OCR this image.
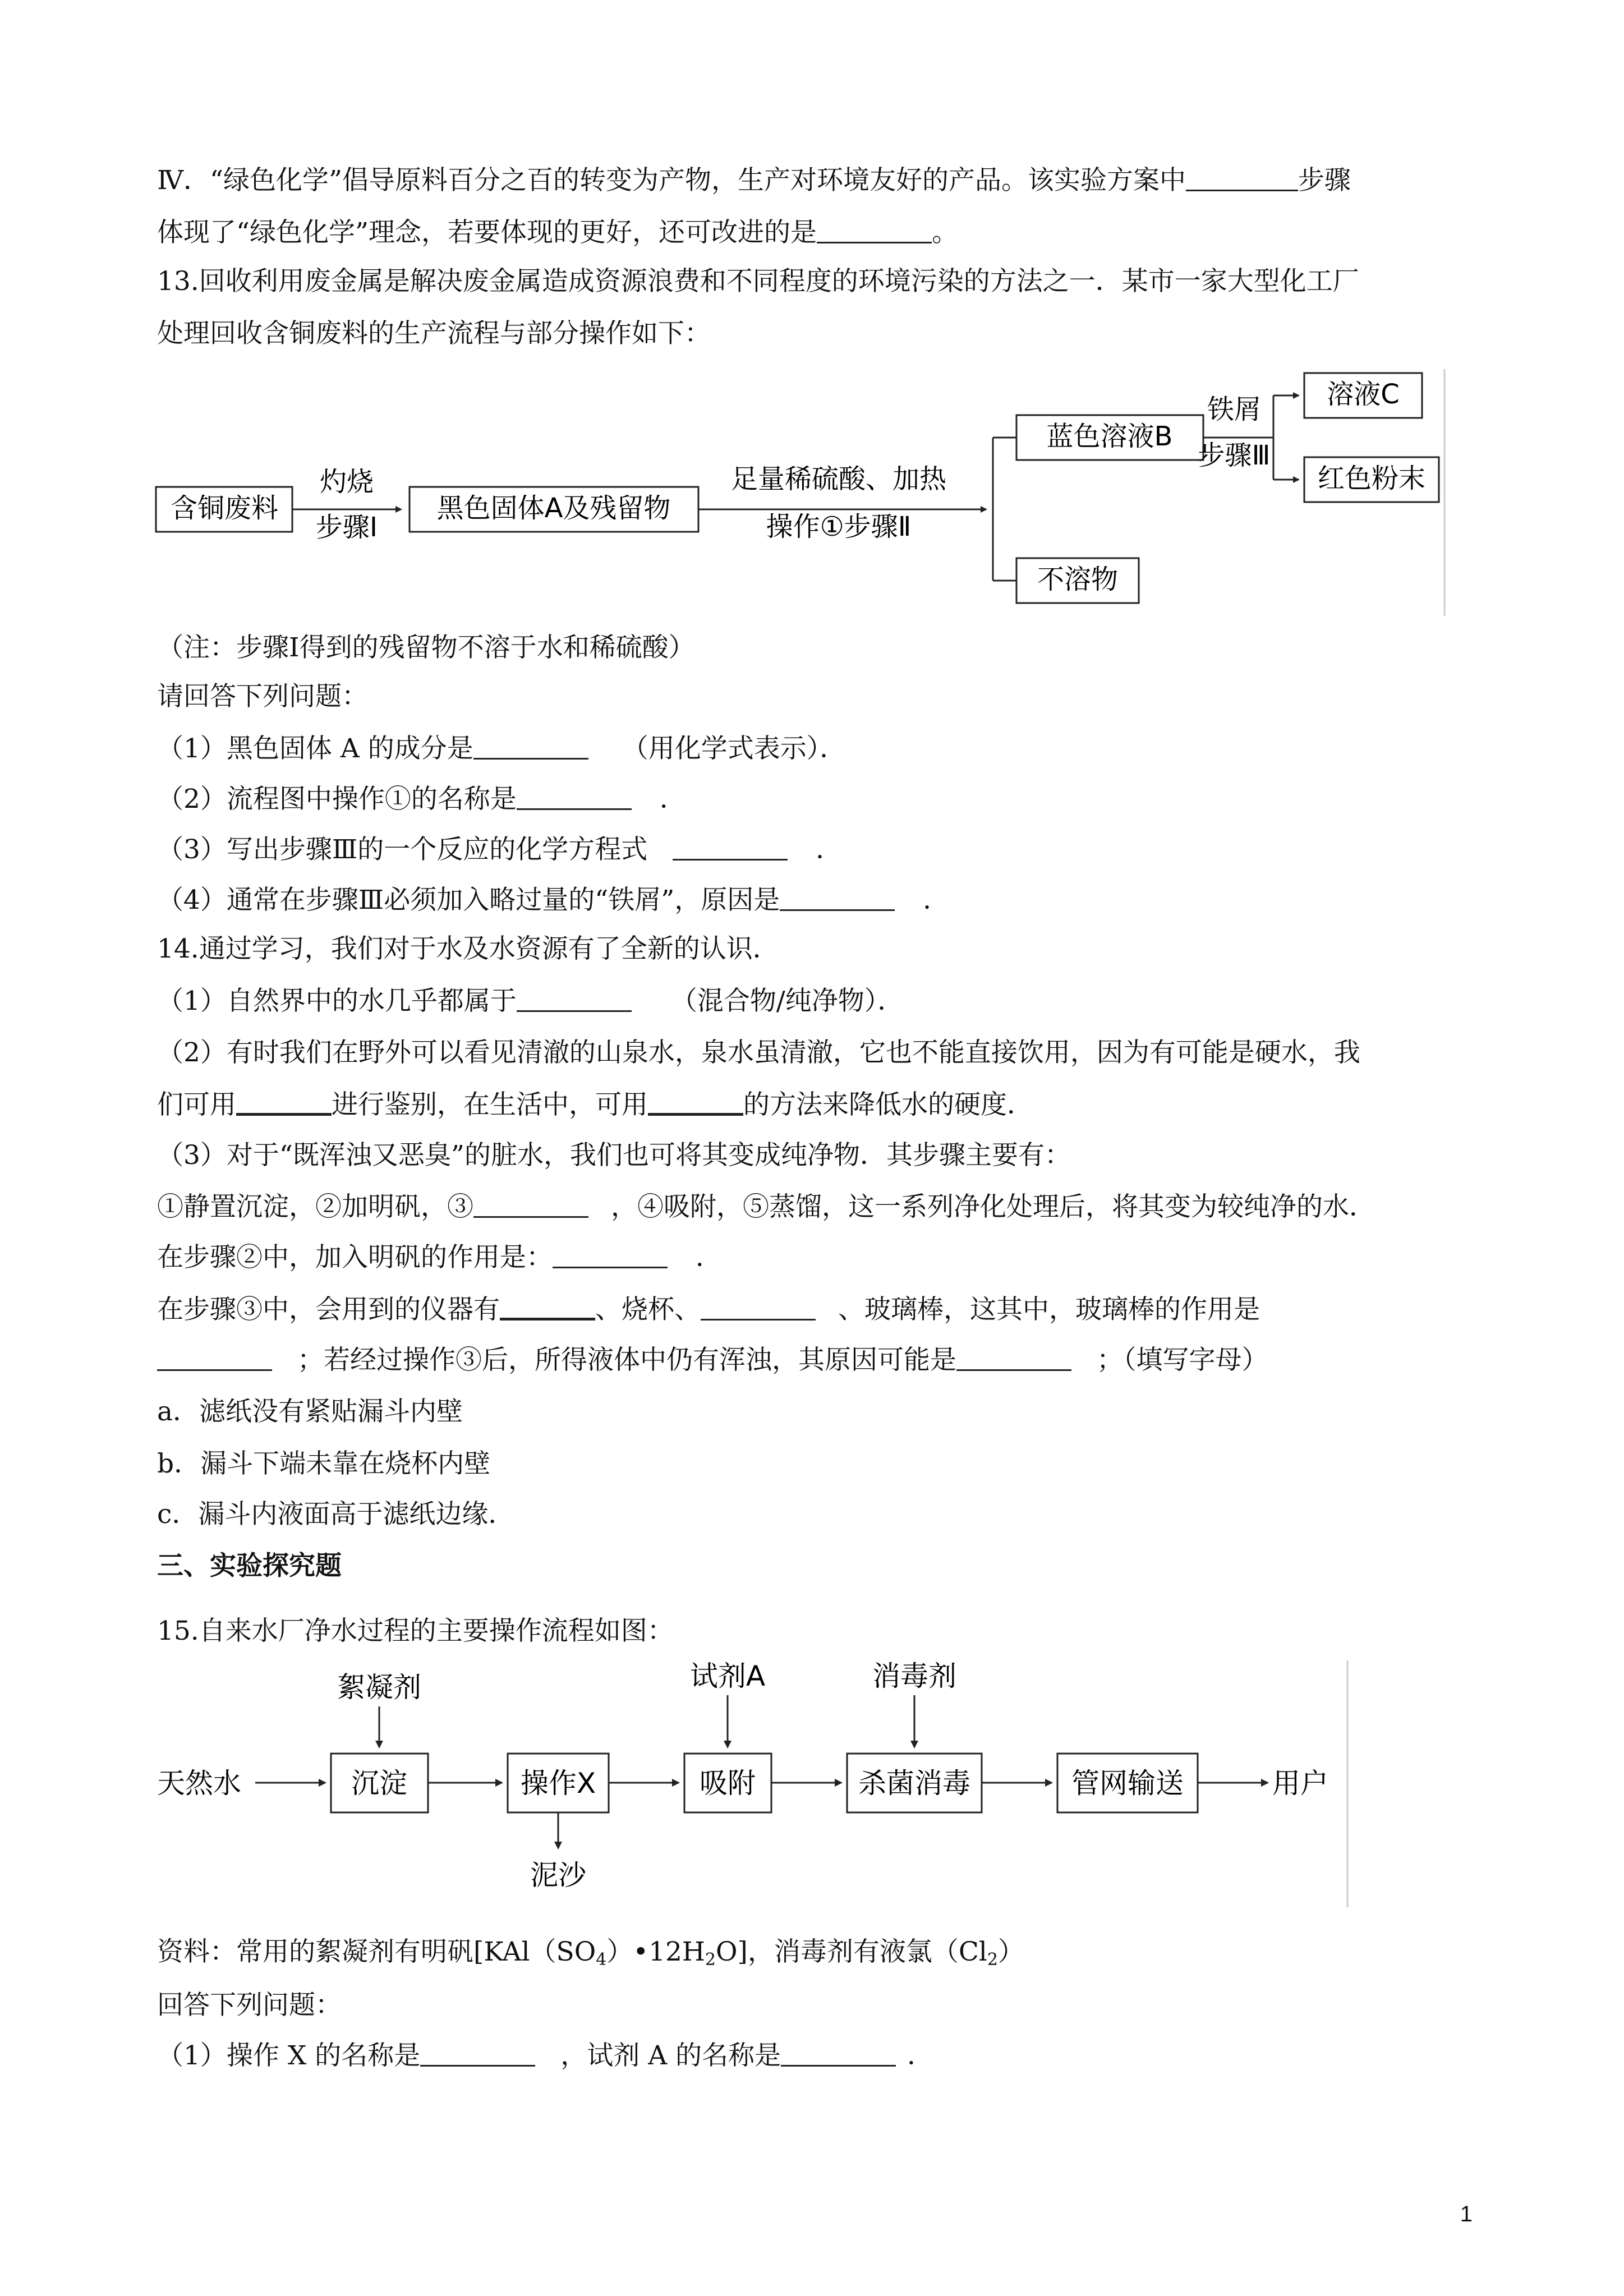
Ⅳ．“绿色化学”倡导原料百分之百的转变为产物，生产对环境友好的产品。该实验方案中	步骤
体现了“绿色化学”理念，若要体现的更好，还可改进的是	。
13.回收利用废金属是解决废金属造成资源浪费和不同程度的环境污染的方法之一．某市一家大型化工厂
处理回收含铜废料的生产流程与部分操作如下：
含铜废料
灼烧
步骤Ⅰ
黑色固体A及残留物
足量稀硫酸、加热
操作①步骤Ⅱ
蓝色溶液B
不溶物
铁屑
步骤Ⅲ
溶液C
红色粉末
（注：步骤Ⅰ得到的残留物不溶于水和稀硫酸）
请回答下列问题：
（1）黑色固体 A 的成分是	（用化学式表示）．
（2）流程图中操作①的名称是	．
（3）写出步骤Ⅲ的一个反应的化学方程式	．
（4）通常在步骤Ⅲ必须加入略过量的“铁屑”，原因是	．
14.通过学习，我们对于水及水资源有了全新的认识．
（1）自然界中的水几乎都属于	（混合物/纯净物）．
（2）有时我们在野外可以看见清澈的山泉水，泉水虽清澈，它也不能直接饮用，因为有可能是硬水，我
们可用	进行鉴别，在生活中，可用	的方法来降低水的硬度．
（3）对于“既浑浊又恶臭”的脏水，我们也可将其变成纯净物．其步骤主要有：
①静置沉淀，②加明矾，③	，④吸附，⑤蒸馏，这一系列净化处理后，将其变为较纯净的水．
在步骤②中，加入明矾的作用是：	．
在步骤③中，会用到的仪器有	、烧杯、	、玻璃棒，这其中，玻璃棒的作用是
；若经过操作③后，所得液体中仍有浑浊，其原因可能是	；（填写字母）
a．滤纸没有紧贴漏斗内壁
b．漏斗下端未靠在烧杯内壁
c．漏斗内液面高于滤纸边缘．
三、实验探究题
15.自来水厂净水过程的主要操作流程如图：
天然水	沉淀
絮凝剂
操作X
泥沙
吸附
试剂A
杀菌消毒
消毒剂
管网输送	用户
资料：常用的絮凝剂有明矾$[KAl(SO_4)•12H_2O]$，消毒剂有液氯$(Cl_2)$
回答下列问题：
（1）操作 X 的名称是	，试剂 A 的名称是	．
1
